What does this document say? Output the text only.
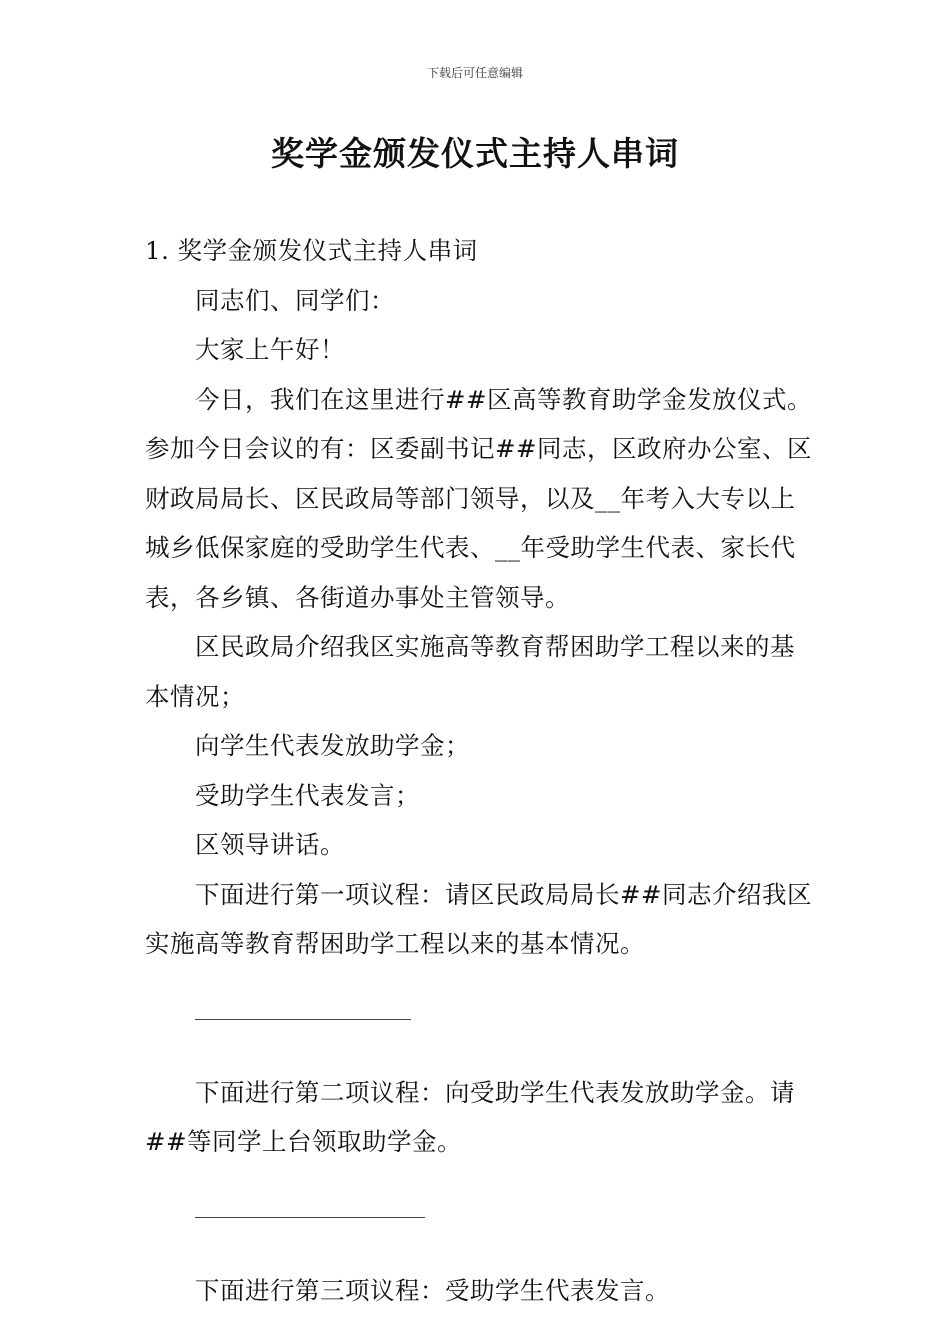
下载后可任意编辑
奖学金颁发仪式主持人串词

1. 奖学金颁发仪式主持人串词

同志们、同学们：

大家上午好！

今日，我们在这里进行##区高等教育助学金发放仪式。参加今日会议的有：区委副书记##同志，区政府办公室、区财政局局长、区民政局等部门领导，以及__年考入大专以上城乡低保家庭的受助学生代表、__年受助学生代表、家长代表，各乡镇、各街道办事处主管领导。

区民政局介绍我区实施高等教育帮困助学工程以来的基本情况；

向学生代表发放助学金；

受助学生代表发言；

区领导讲话。

下面进行第一项议程：请区民政局局长##同志介绍我区实施高等教育帮困助学工程以来的基本情况。

下面进行第二项议程：向受助学生代表发放助学金。请##等同学上台领取助学金。

下面进行第三项议程：受助学生代表发言。
